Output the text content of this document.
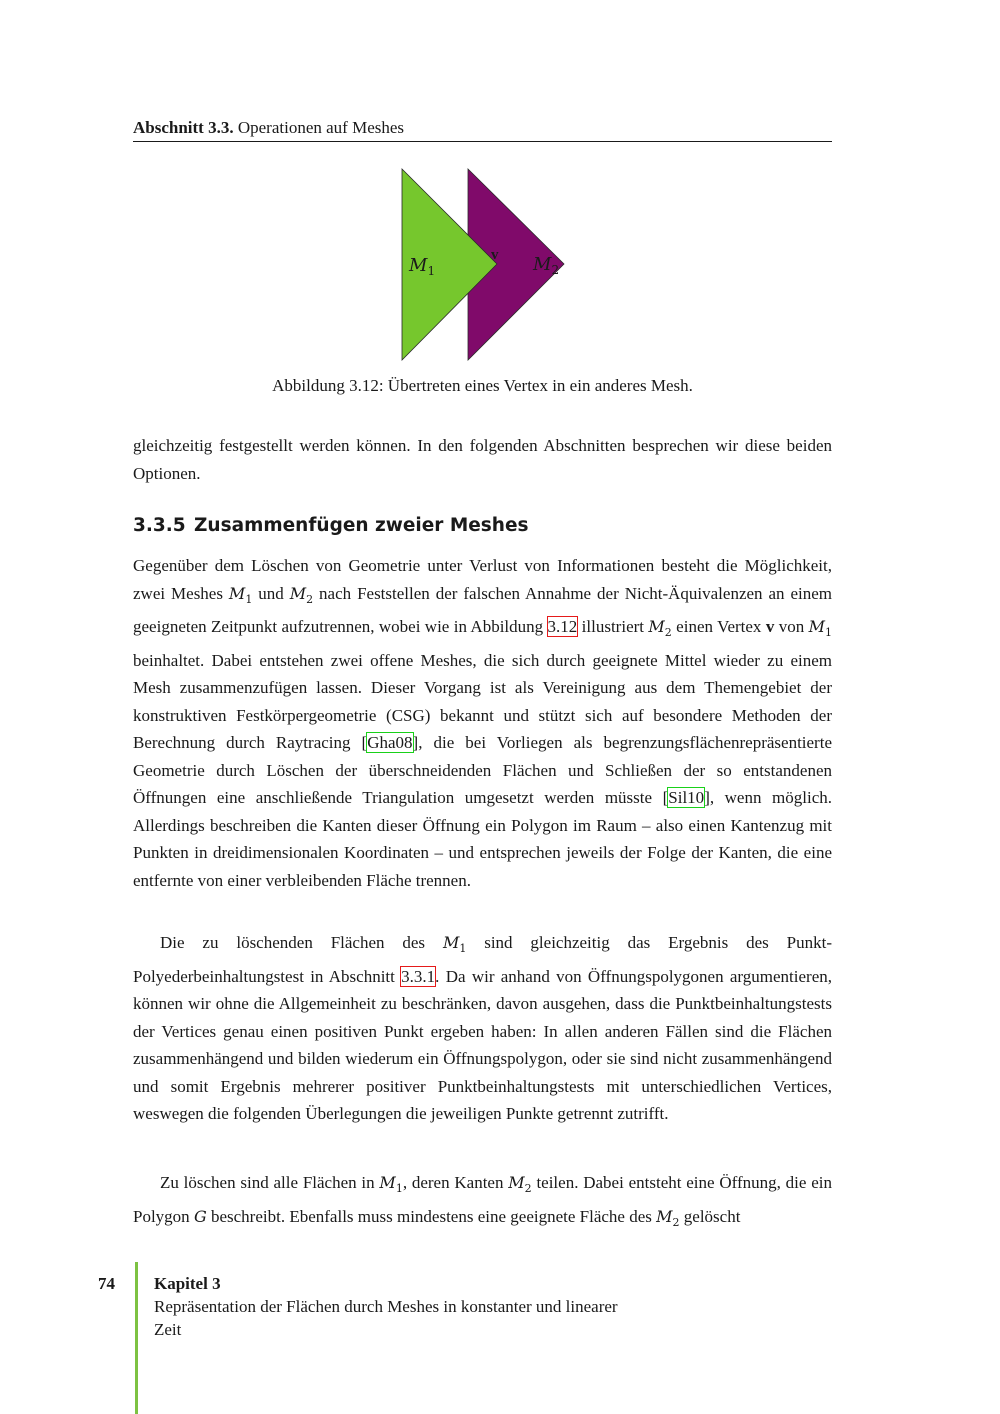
Abschnitt 3.3. Operationen auf Meshes
$M_1$
v $M_2$
Abbildung 3.12: Übertreten eines Vertex in ein anderes Mesh.
gleichzeitig festgestellt werden können. In den folgenden Abschnitten besprechen wir diese beiden Optionen.
3.3.5 Zusammenfügen zweier Meshes
Gegenüber dem Löschen von Geometrie unter Verlust von Informationen besteht die Möglichkeit, zwei Meshes $M_1$ und $M_2$ nach Feststellen der falschen Annahme der Nicht-Äquivalenzen an einem geeigneten Zeitpunkt aufzutrennen, wobei wie in Abbildung 3.12 illustriert $M_2$ einen Vertex v von $M_1$ beinhaltet. Dabei entstehen zwei offene Meshes, die sich durch geeignete Mittel wieder zu einem Mesh zusammenzufügen lassen. Dieser Vorgang ist als Vereinigung aus dem Themengebiet der konstruktiven Festkörpergeometrie (CSG) bekannt und stützt sich auf besondere Methoden der Berechnung durch Raytracing [Gha08], die bei Vorliegen als begrenzungsflächenrepräsentierte Geometrie durch Löschen der überschneidenden Flächen und Schließen der so entstandenen Öffnungen eine anschließende Triangulation umgesetzt werden müsste [Sil10], wenn möglich. Allerdings beschreiben die Kanten dieser Öffnung ein Polygon im Raum – also einen Kantenzug mit Punkten in dreidimensionalen Koordinaten – und entsprechen jeweils der Folge der Kanten, die eine entfernte von einer verbleibenden Fläche trennen.
Die zu löschenden Flächen des $M_1$ sind gleichzeitig das Ergebnis des Punkt-Polyederbeinhaltungstest in Abschnitt 3.3.1. Da wir anhand von Öffnungspolygonen argumentieren, können wir ohne die Allgemeinheit zu beschränken, davon ausgehen, dass die Punktbeinhaltungstests der Vertices genau einen positiven Punkt ergeben haben: In allen anderen Fällen sind die Flächen zusammenhängend und bilden wiederum ein Öffnungspolygon, oder sie sind nicht zusammenhängend und somit Ergebnis mehrerer positiver Punktbeinhaltungstests mit unterschiedlichen Vertices, weswegen die folgenden Überlegungen die jeweiligen Punkte getrennt zutrifft.
Zu löschen sind alle Flächen in $M_1$, deren Kanten $M_2$ teilen. Dabei entsteht eine Öffnung, die ein Polygon G beschreibt. Ebenfalls muss mindestens eine geeignete Fläche des $M_2$ gelöscht
74 Kapitel 3
Repräsentation der Flächen durch Meshes in konstanter und linearer
Zeit
